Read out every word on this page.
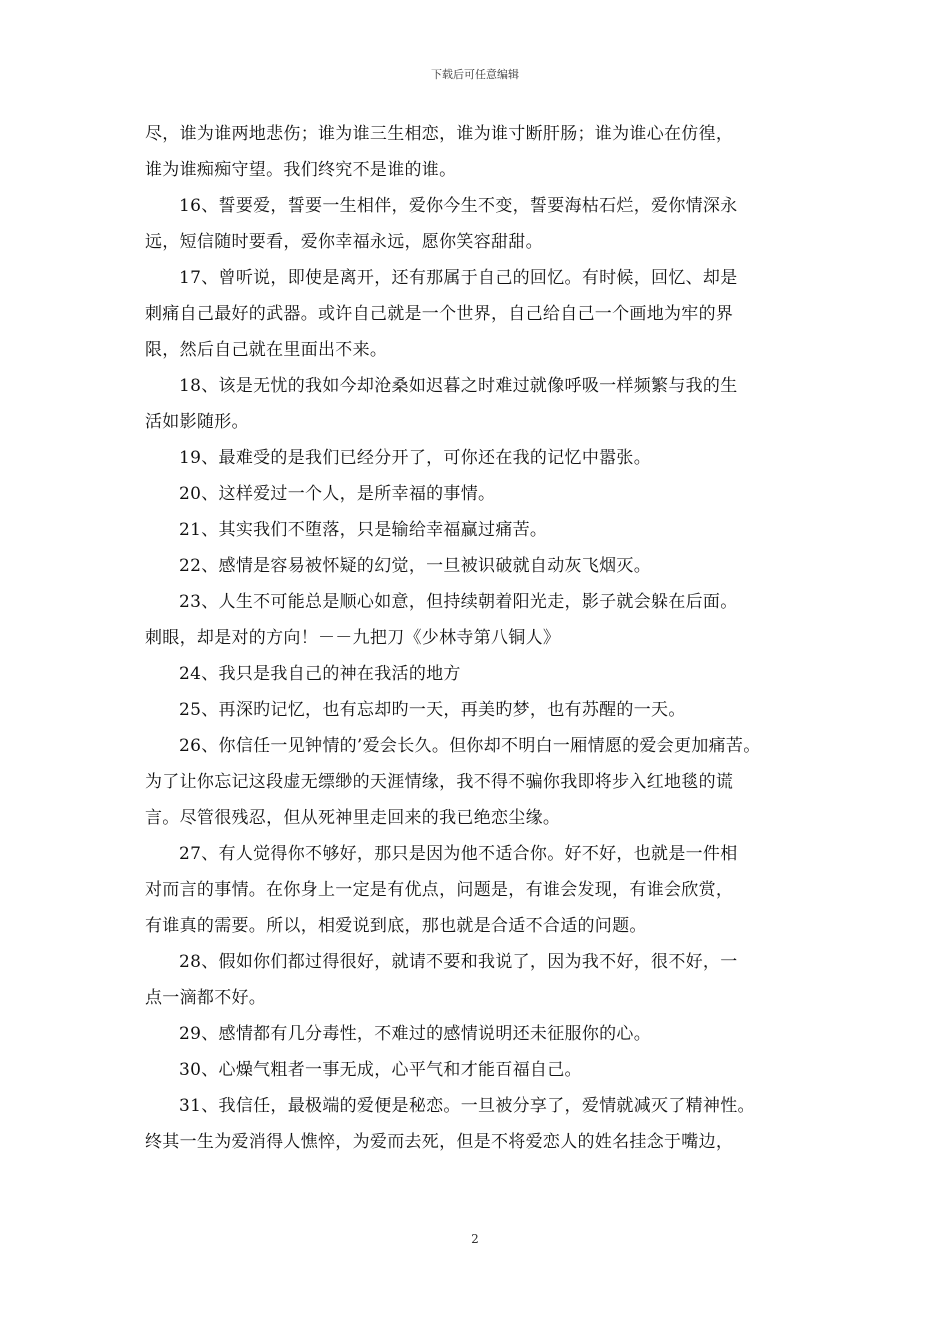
下载后可任意编辑

尽，谁为谁两地悲伤；谁为谁三生相恋，谁为谁寸断肝肠；谁为谁心在仿徨，
谁为谁痴痴守望。我们终究不是谁的谁。

16、誓要爱，誓要一生相伴，爱你今生不变，誓要海枯石烂，爱你情深永
远，短信随时要看，爱你幸福永远，愿你笑容甜甜。

17、曾听说，即使是离开，还有那属于自己的回忆。有时候，回忆、却是
刺痛自己最好的武器。或许自己就是一个世界，自己给自己一个画地为牢的界
限，然后自己就在里面出不来。

18、该是无忧的我如今却沧桑如迟暮之时难过就像呼吸一样频繁与我的生
活如影随形。

19、最难受的是我们已经分开了，可你还在我的记忆中嚣张。

20、这样爱过一个人，是所幸福的事情。

21、其实我们不堕落，只是输给幸福赢过痛苦。

22、感情是容易被怀疑的幻觉，一旦被识破就自动灰飞烟灭。

23、人生不可能总是顺心如意，但持续朝着阳光走，影子就会躲在后面。
刺眼，却是对的方向！－－九把刀《少林寺第八铜人》

24、我只是我自己的神在我活的地方

25、再深旳记忆，也有忘却旳一天，再美旳梦，也有苏醒的一天。

26、你信任一见钟情的’爱会长久。但你却不明白一厢情愿的爱会更加痛苦。
为了让你忘记这段虚无缥缈的天涯情缘，我不得不骗你我即将步入红地毯的谎
言。尽管很残忍，但从死神里走回来的我已绝恋尘缘。

27、有人觉得你不够好，那只是因为他不适合你。好不好，也就是一件相
对而言的事情。在你身上一定是有优点，问题是，有谁会发现，有谁会欣赏，
有谁真的需要。所以，相爱说到底，那也就是合适不合适的问题。

28、假如你们都过得很好，就请不要和我说了，因为我不好，很不好，一
点一滴都不好。

29、感情都有几分毒性，不难过的感情说明还未征服你的心。

30、心燥气粗者一事无成，心平气和才能百福自己。

31、我信任，最极端的爱便是秘恋。一旦被分享了，爱情就减灭了精神性。
终其一生为爱消得人憔悴，为爱而去死，但是不将爱恋人的姓名挂念于嘴边，

2
